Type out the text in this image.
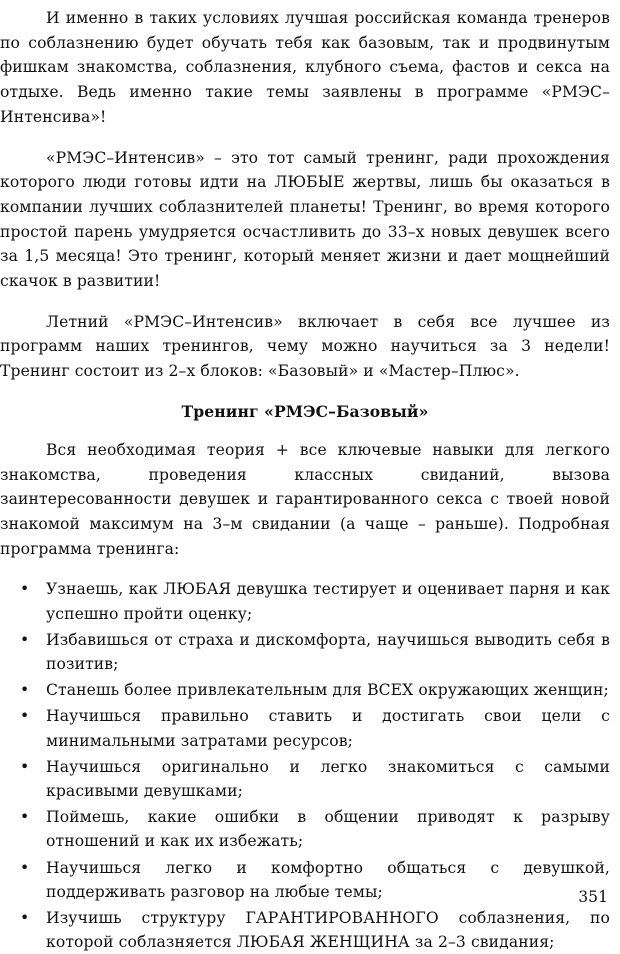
И именно в таких условиях лучшая российская команда тренеров по соблазнению будет обучать тебя как базовым, так и продвинутым фишкам знакомства, соблазнения, клубного съема, фастов и секса на отдыхе. Ведь именно такие темы заявлены в программе «РМЭС–Интенсива»!

«РМЭС–Интенсив» – это тот самый тренинг, ради прохождения которого люди готовы идти на ЛЮБЫЕ жертвы, лишь бы оказаться в компании лучших соблазнителей планеты! Тренинг, во время которого простой парень умудряется осчастливить до 33–х новых девушек всего за 1,5 месяца! Это тренинг, который меняет жизни и дает мощнейший скачок в развитии!

Летний «РМЭС–Интенсив» включает в себя все лучшее из программ наших тренингов, чему можно научиться за 3 недели! Тренинг состоит из 2–х блоков: «Базовый» и «Мастер–Плюс».

Тренинг «РМЭС–Базовый»

Вся необходимая теория + все ключевые навыки для легкого знакомства, проведения классных свиданий, вызова заинтересованности девушек и гарантированного секса с твоей новой знакомой максимум на 3–м свидании (а чаще – раньше). Подробная программа тренинга:

• Узнаешь, как ЛЮБАЯ девушка тестирует и оценивает парня и как успешно пройти оценку;
• Избавишься от страха и дискомфорта, научишься выводить себя в позитив;
• Станешь более привлекательным для ВСЕХ окружающих женщин;
• Научишься правильно ставить и достигать свои цели с минимальными затратами ресурсов;
• Научишься оригинально и легко знакомиться с самыми красивыми девушками;
• Поймешь, какие ошибки в общении приводят к разрыву отношений и как их избежать;
• Научишься легко и комфортно общаться с девушкой, поддерживать разговор на любые темы;
• Изучишь структуру ГАРАНТИРОВАННОГО соблазнения, по которой соблазняется ЛЮБАЯ ЖЕНЩИНА за 2–3 свидания;
351
